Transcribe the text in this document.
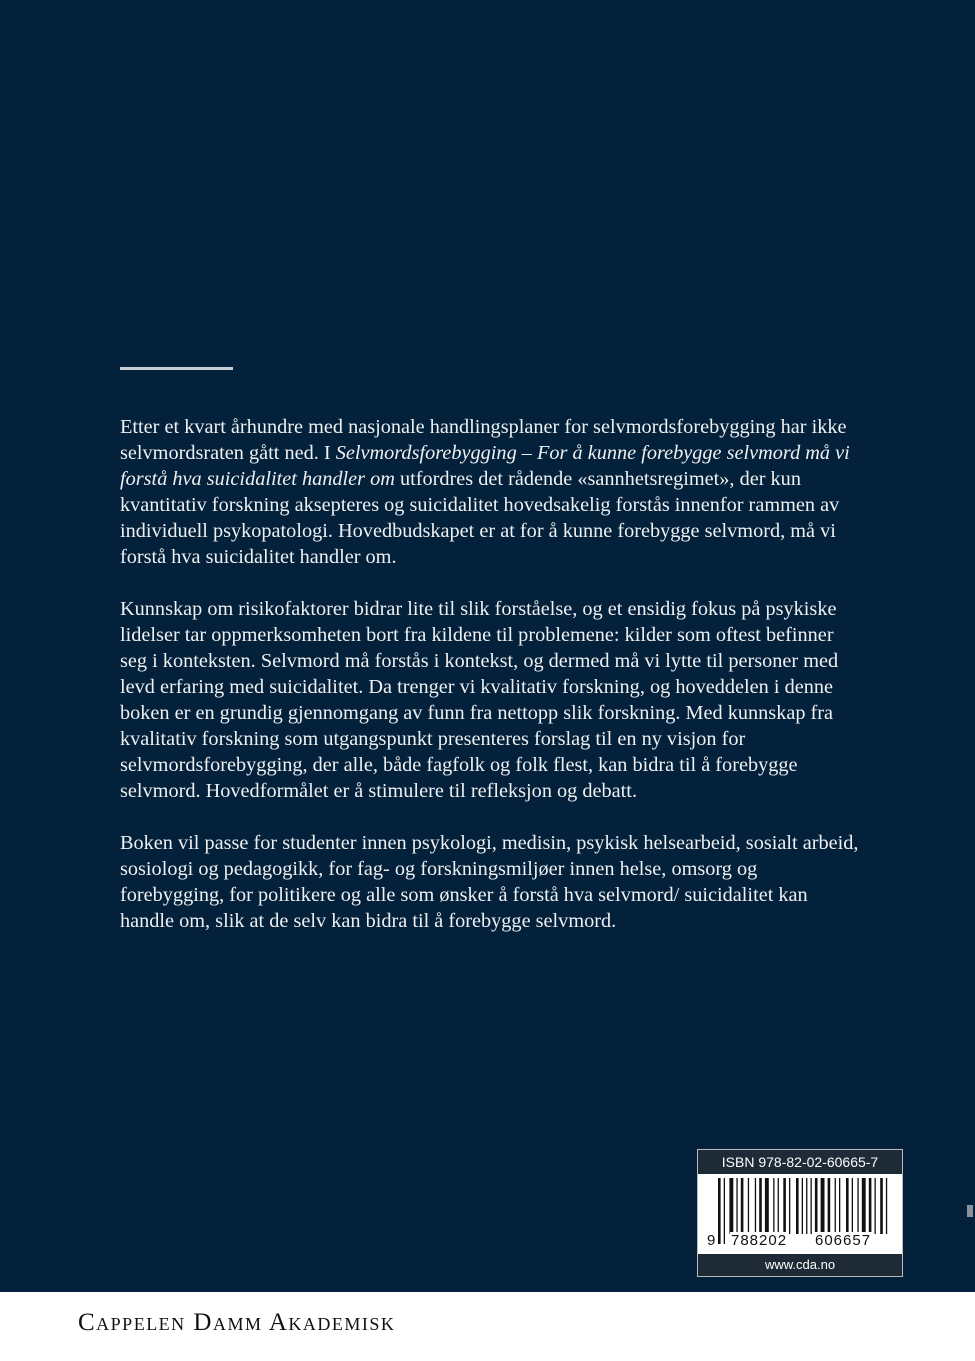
Etter et kvart århundre med nasjonale handlingsplaner for selvmordsforebygging har ikke selvmordsraten gått ned. I Selvmordsforebygging – For å kunne forebygge selvmord må vi forstå hva suicidalitet handler om utfordres det rådende «sannhetsregimet», der kun kvantitativ forskning aksepteres og suicidalitet hovedsakelig forstås innenfor rammen av individuell psykopatologi. Hovedbudskapet er at for å kunne forebygge selvmord, må vi forstå hva suicidalitet handler om.

Kunnskap om risikofaktorer bidrar lite til slik forståelse, og et ensidig fokus på psykiske lidelser tar oppmerksomheten bort fra kildene til problemene: kilder som oftest befinner seg i konteksten. Selvmord må forstås i kontekst, og dermed må vi lytte til personer med levd erfaring med suicidalitet. Da trenger vi kvalitativ forskning, og hoveddelen i denne boken er en grundig gjennomgang av funn fra nettopp slik forskning. Med kunnskap fra kvalitativ forskning som utgangspunkt presenteres forslag til en ny visjon for selvmordsforebygging, der alle, både fagfolk og folk flest, kan bidra til å forebygge selvmord. Hovedformålet er å stimulere til refleksjon og debatt.

Boken vil passe for studenter innen psykologi, medisin, psykisk helsearbeid, sosialt arbeid, sosiologi og pedagogikk, for fag- og forskningsmiljøer innen helse, omsorg og forebygging, for politikere og alle som ønsker å forstå hva selvmord/ suicidalitet kan handle om, slik at de selv kan bidra til å forebygge selvmord.

ISBN 978-82-02-60665-7
9 788202 606657
www.cda.no
Cappelen Damm Akademisk
